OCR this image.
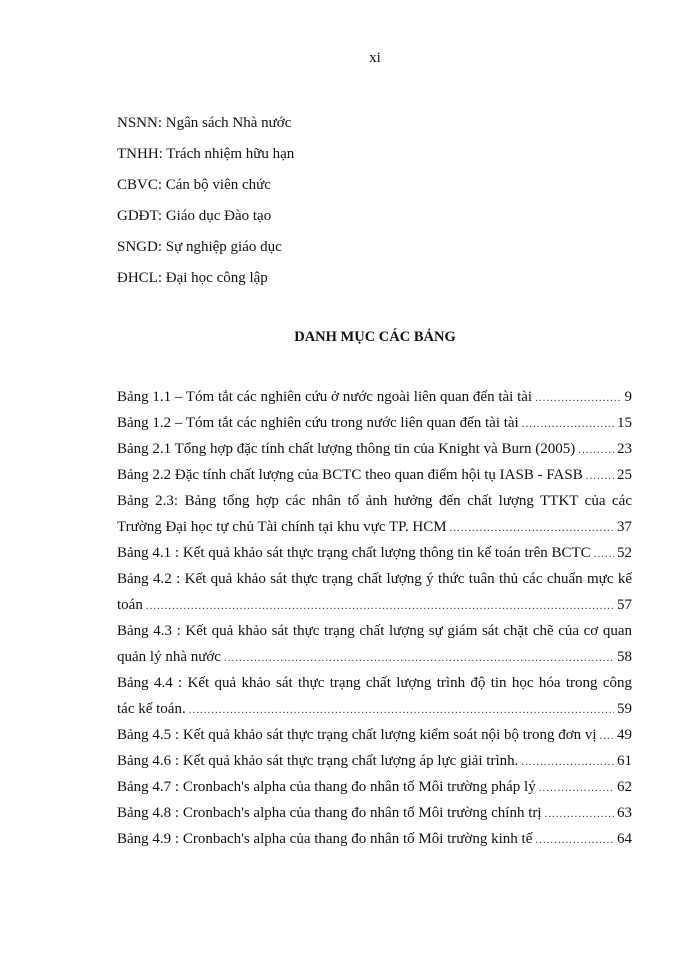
xi
NSNN: Ngân sách Nhà nước
TNHH: Trách nhiệm hữu hạn
CBVC: Cán bộ viên chức
GDĐT: Giáo dục Đào tạo
SNGD: Sự nghiệp giáo dục
ĐHCL: Đại học công lập
DANH MỤC CÁC BẢNG
Bảng 1.1 – Tóm tắt các nghiên cứu ở nước ngoài liên quan đến tài tài .....	9
Bảng 1.2 – Tóm tắt các nghiên cứu trong nước liên quan đến tài tài .....	15
Bảng 2.1 Tổng hợp đặc tính chất lượng thông tin của Knight và Burn (2005) .....	23
Bảng 2.2 Đặc tính chất lượng của BCTC theo quan điểm hội tụ IASB - FASB ..... 25
Bảng 2.3: Bảng tổng hợp các nhân tố ảnh hưởng đến chất lượng TTKT của các
Trường Đại học tự chủ Tài chính tại khu vực TP. HCM .....	37
Bảng 4.1 : Kết quả khảo sát thực trạng chất lượng thông tin kế toán trên BCTC ..... 52
Bảng 4.2 : Kết quả khảo sát thực trạng chất lượng ý thức tuân thủ các chuẩn mực kế
toán .....	57
Bảng 4.3 : Kết quả khảo sát thực trạng chất lượng sự giám sát chặt chẽ của cơ quan
quản lý nhà nước .....	58
Bảng 4.4 : Kết quả khảo sát thực trạng chất lượng trình độ tin học hóa trong công
tác kế toán. .....	59
Bảng 4.5 : Kết quả khảo sát thực trạng chất lượng kiểm soát nội bộ trong đơn vị ..... 49
Bảng 4.6 : Kết quả khảo sát thực trạng chất lượng áp lực giải trình. .....	61
Bảng 4.7 : Cronbach's alpha của thang đo nhân tố Môi trường pháp lý .....	62
Bảng 4.8 : Cronbach's alpha của thang đo nhân tố Môi trường chính trị .....	63
Bảng 4.9 : Cronbach's alpha của thang đo nhân tố Môi trường kinh tế .....	64
